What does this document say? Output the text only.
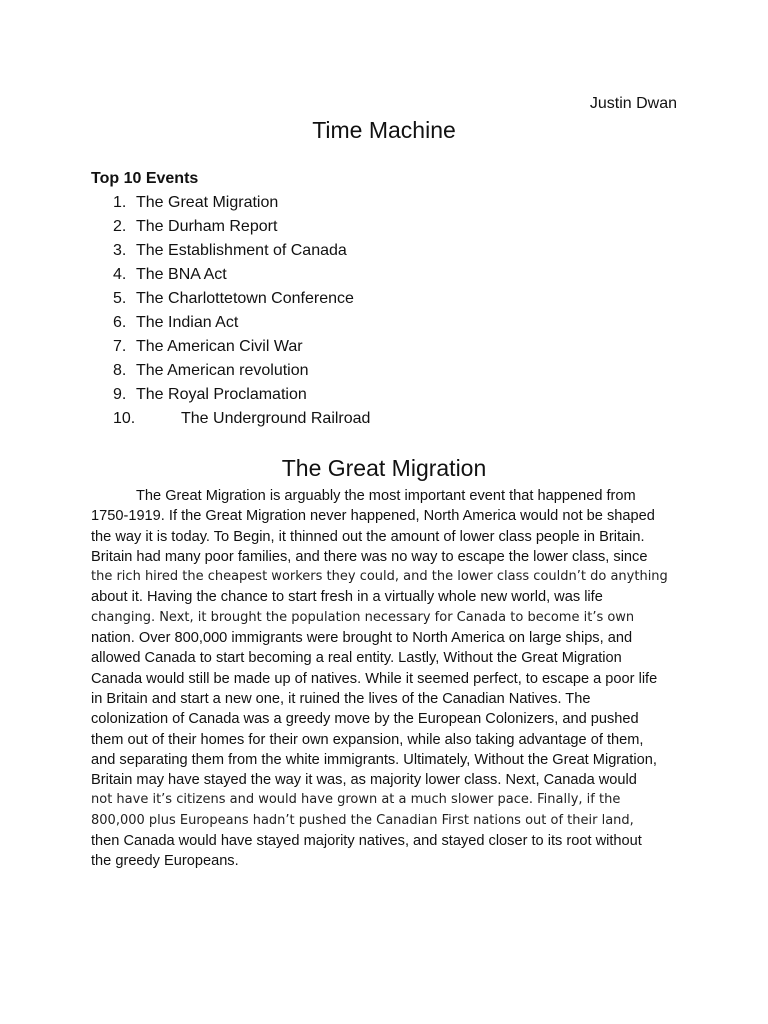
Justin Dwan
Time Machine
Top 10 Events
1. The Great Migration
2. The Durham Report
3. The Establishment of Canada
4. The BNA Act
5. The Charlottetown Conference
6. The Indian Act
7. The American Civil War
8. The American revolution
9. The Royal Proclamation
10.	The Underground Railroad
The Great Migration

The Great Migration is arguably the most important event that happened from
1750-1919. If the Great Migration never happened, North America would not be shaped
the way it is today. To Begin, it thinned out the amount of lower class people in Britain.
Britain had many poor families, and there was no way to escape the lower class, since
the rich hired the cheapest workers they could, and the lower class couldn’t do anything
about it. Having the chance to start fresh in a virtually whole new world, was life
changing. Next, it brought the population necessary for Canada to become it’s own
nation. Over 800,000 immigrants were brought to North America on large ships, and
allowed Canada to start becoming a real entity. Lastly, Without the Great Migration
Canada would still be made up of natives. While it seemed perfect, to escape a poor life
in Britain and start a new one, it ruined the lives of the Canadian Natives. The
colonization of Canada was a greedy move by the European Colonizers, and pushed
them out of their homes for their own expansion, while also taking advantage of them,
and separating them from the white immigrants. Ultimately, Without the Great Migration,
Britain may have stayed the way it was, as majority lower class. Next, Canada would
not have it’s citizens and would have grown at a much slower pace. Finally, if the
800,000 plus Europeans hadn’t pushed the Canadian First nations out of their land,
then Canada would have stayed majority natives, and stayed closer to its root without
the greedy Europeans.
